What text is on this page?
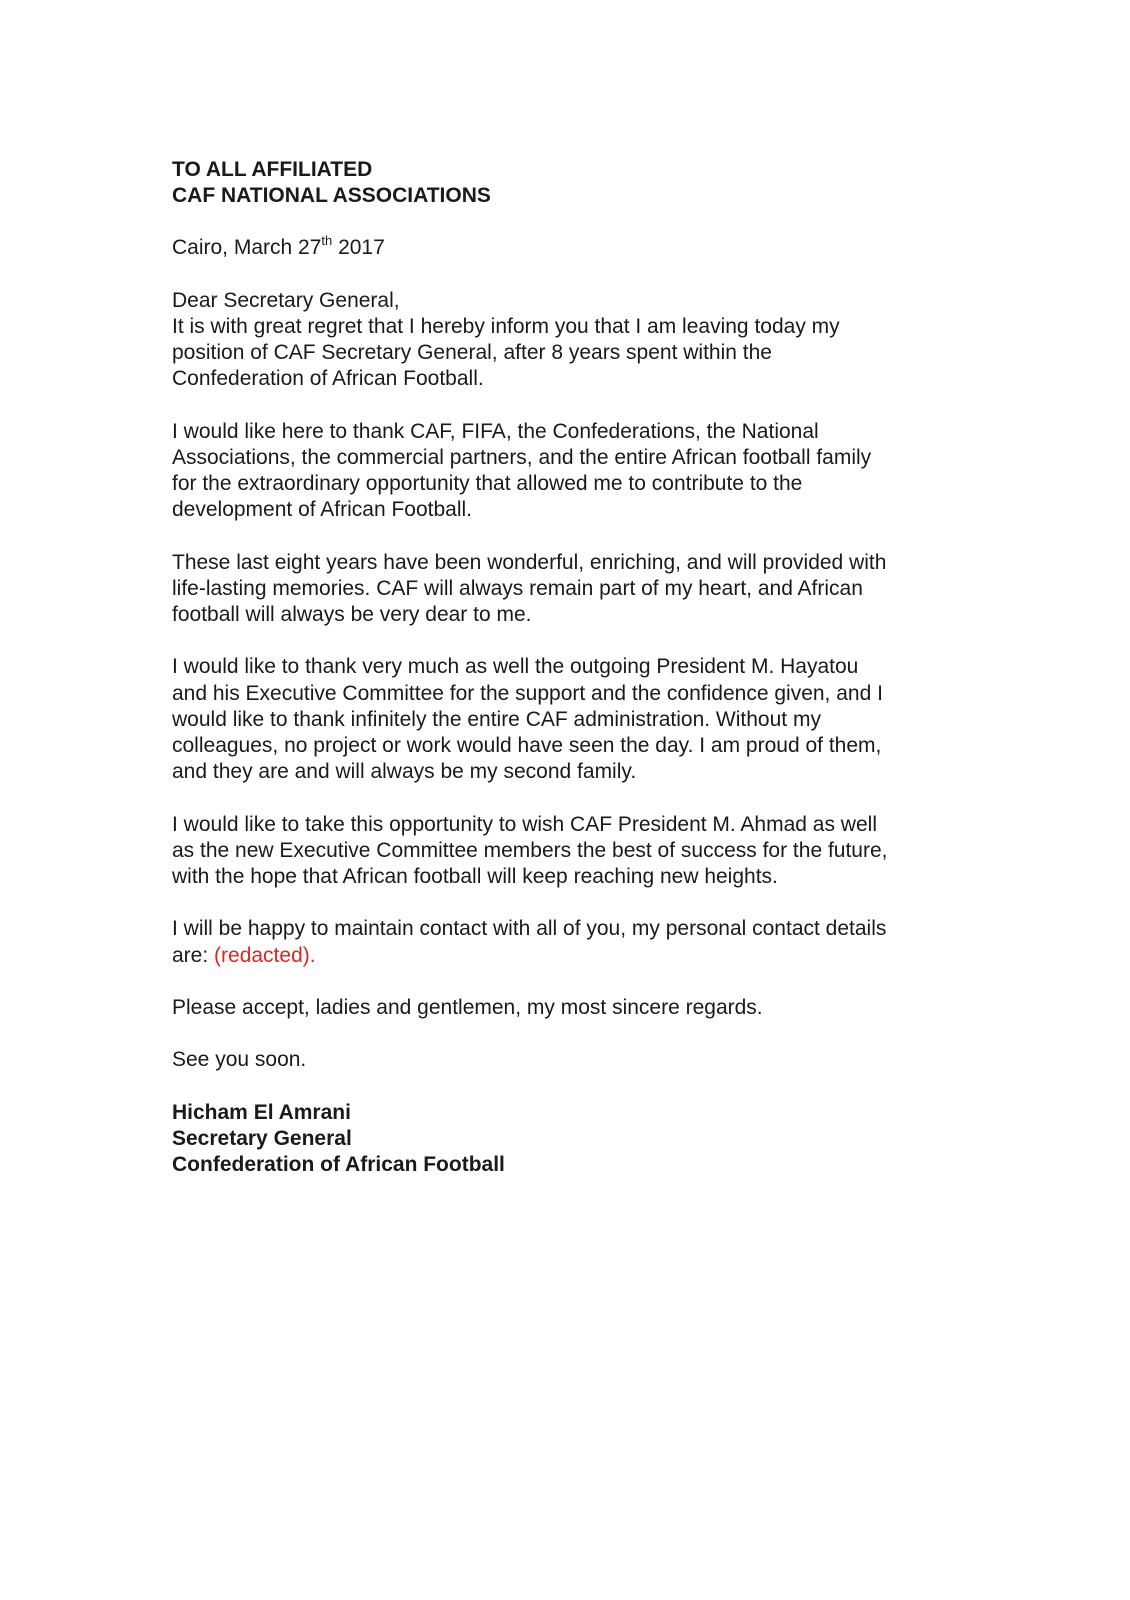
TO ALL AFFILIATED
CAF NATIONAL ASSOCIATIONS
Cairo, March 27th 2017
Dear Secretary General,

It is with great regret that I hereby inform you that I am leaving today my
position of CAF Secretary General, after 8 years spent within the
Confederation of African Football.

I would like here to thank CAF, FIFA, the Confederations, the National
Associations, the commercial partners, and the entire African football family
for the extraordinary opportunity that allowed me to contribute to the
development of African Football.

These last eight years have been wonderful, enriching, and will provided with
life-lasting memories. CAF will always remain part of my heart, and African
football will always be very dear to me.

I would like to thank very much as well the outgoing President M. Hayatou
and his Executive Committee for the support and the confidence given, and I
would like to thank infinitely the entire CAF administration. Without my
colleagues, no project or work would have seen the day. I am proud of them,
and they are and will always be my second family.

I would like to take this opportunity to wish CAF President M. Ahmad as well
as the new Executive Committee members the best of success for the future,
with the hope that African football will keep reaching new heights.

I will be happy to maintain contact with all of you, my personal contact details
are: (redacted).

Please accept, ladies and gentlemen, my most sincere regards.

See you soon.

Hicham El Amrani
Secretary General
Confederation of African Football
